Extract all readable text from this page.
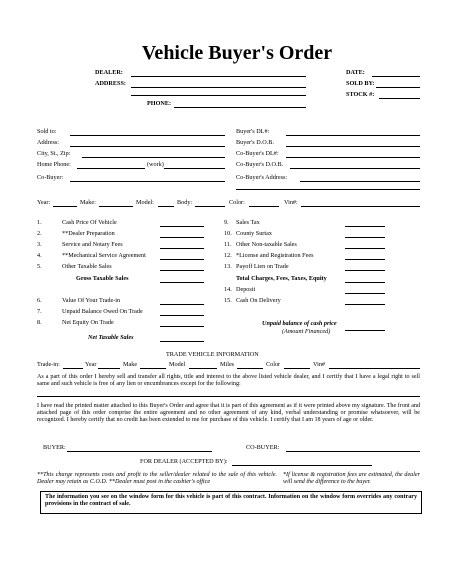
Vehicle Buyer's Order
DEALER:
ADDRESS:
PHONE:
DATE:
SOLD BY:
STOCK #:
Sold to:
Address:
City, St., Zip:
Home Phone:	(work)
Co-Buyer:
Buyer's DL#:
Buyer's D.O.B.
Co-Buyer's DL#:
Co-Buyer's D.O.B.
Co-Buyer's Address:
Year:	Make:	Model:	Body:	Color:	Vin#:
1.	Cash Price Of Vehicle
2.	**Dealer Preparation
3.	Service and Notary Fees
4.	**Mechanical Service Agreement
5.	Other Taxable Sales
Gross Taxable Sales
6.	Value Of Your Trade-in
7.	Unpaid Balance Owed On Trade
8.	Net Equity On Trade
Net Taxable Sales
9. Sales Tax
10. County Surtax
11. Other Non-taxable Sales
12. *License and Registration Fees
13. Payoff Lien on Trade
Total Charges, Fees, Taxes, Equity
14. Deposit
15. Cash On Delivery
Unpaid balance of cash price
(Amount Financed)
TRADE VEHICLE INFORMATION
Trade-in:	Year	Make	Model	Miles	Color	Vin#
As a part of this order I hereby sell and transfer all rights, title and interest to the above listed vehicle dealer, and I certify that I have a legal right to sell same and such vehicle is free of any lien or encumbrances except for the following:
I have read the printed matter attached to this Buyer's Order and agree that it is part of this agreement as if it were printed above my signature. The front and attached page of this order comprise the entire agreement and no other agreement of any kind, verbal understanding or promise whatsoever, will be recognized. I hereby certify that no credit has been extended to me for purchase of this vehicle. I certify that I am 18 years of age or older.
BUYER:	CO-BUYER:
FOR DEALER (ACCEPTED BY):
**This charge represents costs and profit to the seller/dealer related to the sale of this vehicle. Dealer may retain as C.O.D. **Dealer must post in the cashier's office
*If license & registration fees are estimated, the dealer will send the difference to the buyer.
The information you see on the window form for this vehicle is part of this contract. Information on the window form overrides any contrary provisions in the contract of sale.
